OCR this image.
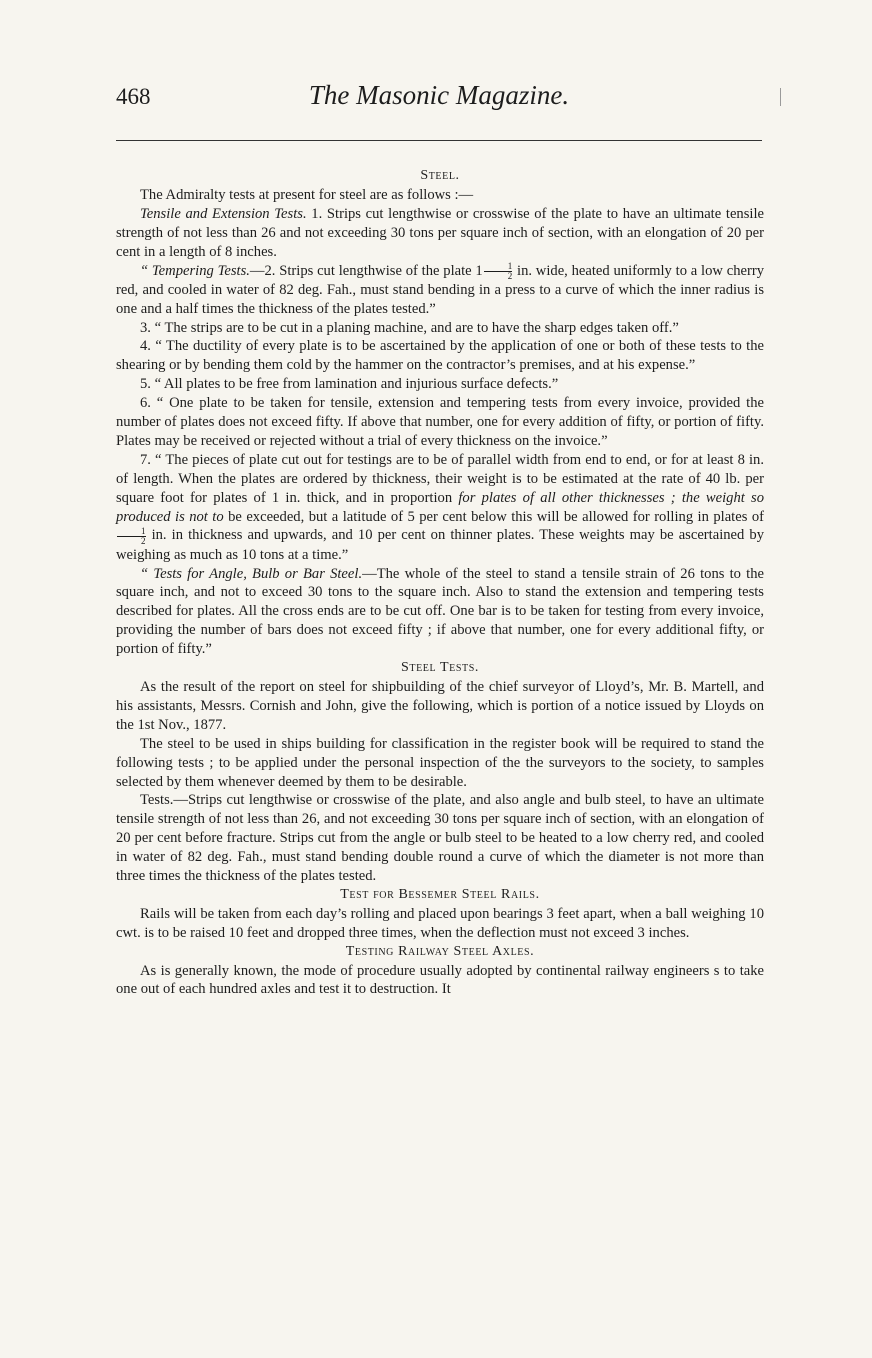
468	The Masonic Magazine.

Steel.

The Admiralty tests at present for steel are as follows :—

Tensile and Extension Tests. 1. Strips cut lengthwise or crosswise of the plate to have an ultimate tensile strength of not less than 26 and not exceeding 30 tons per square inch of section, with an elongation of 20 per cent in a length of 8 inches.

“ Tempering Tests.—2. Strips cut lengthwise of the plate $1 \frac{1}{2}$ in. wide, heated uniformly to a low cherry red, and cooled in water of 82 deg. Fah., must stand bending in a press to a curve of which the inner radius is one and a half times the thickness of the plates tested.”

3. “ The strips are to be cut in a planing machine, and are to have the sharp edges taken off.”

4. “ The ductility of every plate is to be ascertained by the application of one or both of these tests to the shearing or by bending them cold by the hammer on the contractor’s premises, and at his expense.”

5. “ All plates to be free from lamination and injurious surface defects.”

6. “ One plate to be taken for tensile, extension and tempering tests from every invoice, provided the number of plates does not exceed fifty. If above that number, one for every addition of fifty, or portion of fifty. Plates may be received or rejected without a trial of every thickness on the invoice.”

7. “ The pieces of plate cut out for testings are to be of parallel width from end to end, or for at least 8 in. of length. When the plates are ordered by thickness, their weight is to be estimated at the rate of 40 lb. per square foot for plates of 1 in. thick, and in proportion for plates of all other thicknesses ; the weight so produced is not to be exceeded, but a latitude of 5 per cent below this will be allowed for rolling in plates of
$\frac{1}{2}$ in. in thickness and upwards, and 10 per cent on thinner plates. These weights may be ascertained by weighing as much as 10 tons at a time.”

“ Tests for Angle, Bulb or Bar Steel.—The whole of the steel to stand a tensile strain of 26 tons to the square inch, and not to exceed 30 tons to the square inch. Also to stand the extension and tempering tests described for plates. All the cross ends are to be cut off. One bar is to be taken for testing from every invoice, providing the number of bars does not exceed fifty ; if above that number, one for every additional fifty, or portion of fifty.”

Steel Tests.

As the result of the report on steel for shipbuilding of the chief surveyor of Lloyd’s, Mr. B. Martell, and his assistants, Messrs. Cornish and John, give the following, which is portion of a notice issued by Lloyds on the 1st Nov., 1877.

The steel to be used in ships building for classification in the register book will be required to stand the following tests ; to be applied under the personal inspection of the the surveyors to the society, to samples selected by them whenever deemed by them to be desirable.

Tests.—Strips cut lengthwise or crosswise of the plate, and also angle and bulb steel, to have an ultimate tensile strength of not less than 26, and not exceeding 30 tons per square inch of section, with an elongation of 20 per cent before fracture. Strips cut from the angle or bulb steel to be heated to a low cherry red, and cooled in water of 82 deg. Fah., must stand bending double round a curve of which the diameter is not more than three times the thickness of the plates tested.

Test for Bessemer Steel Rails.

Rails will be taken from each day’s rolling and placed upon bearings 3 feet apart, when a ball weighing 10 cwt. is to be raised 10 feet and dropped three times, when the deflection must not exceed 3 inches.

Testing Railway Steel Axles.

As is generally known, the mode of procedure usually adopted by continental railway engineers s to take one out of each hundred axles and test it to destruction. It
